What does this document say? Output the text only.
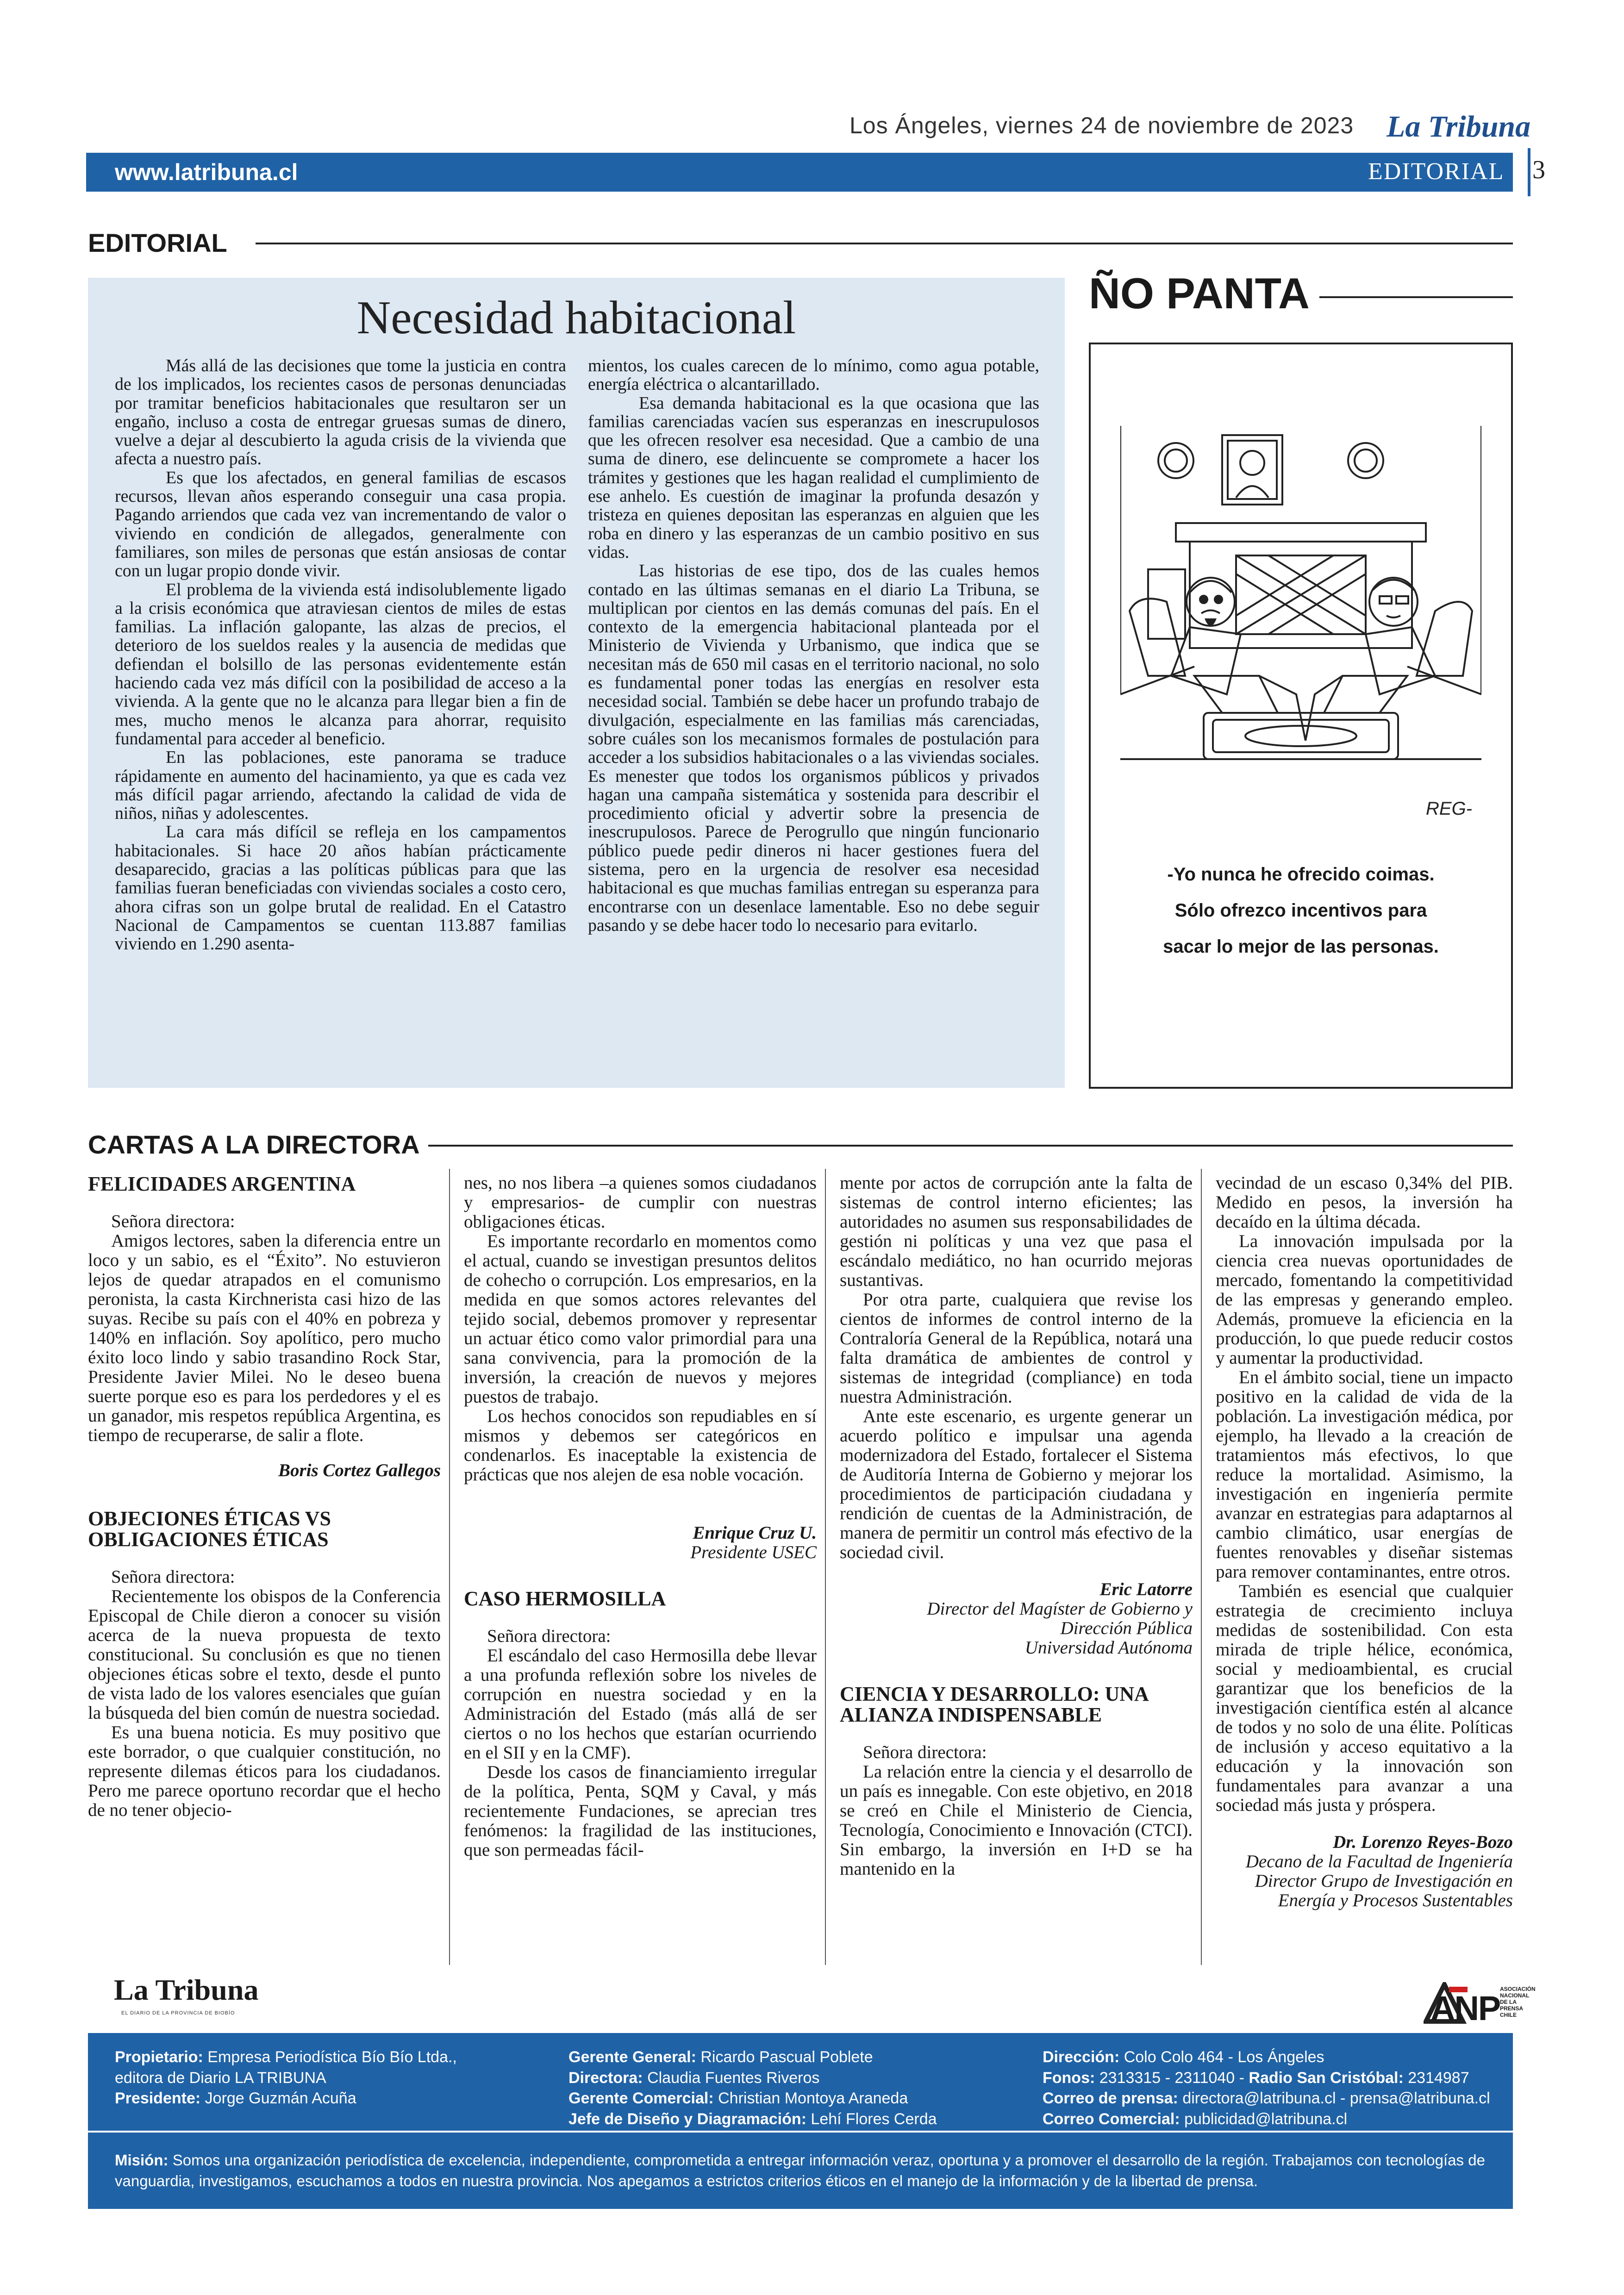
Los Ángeles, viernes 24 de noviembre de 2023 La Tribuna
www.latribuna.cl	EDITORIAL 3
EDITORIAL
Necesidad habitacional

Más allá de las decisiones que tome la justicia en contra de los implicados, los recientes casos de personas denunciadas por tramitar beneficios habitacionales que resultaron ser un engaño, incluso a costa de entregar gruesas sumas de dinero, vuelve a dejar al descubierto la aguda crisis de la vivienda que afecta a nuestro país.

Es que los afectados, en general familias de escasos recursos, llevan años esperando conseguir una casa propia. Pagando arriendos que cada vez van incrementando de valor o viviendo en condición de allegados, generalmente con familiares, son miles de personas que están ansiosas de contar con un lugar propio donde vivir.

El problema de la vivienda está indisolublemente ligado a la crisis económica que atraviesan cientos de miles de estas familias. La inflación galopante, las alzas de precios, el deterioro de los sueldos reales y la ausencia de medidas que defiendan el bolsillo de las personas evidentemente están haciendo cada vez más difícil con la posibilidad de acceso a la vivienda. A la gente que no le alcanza para llegar bien a fin de mes, mucho menos le alcanza para ahorrar, requisito fundamental para acceder al beneficio.

En las poblaciones, este panorama se traduce rápidamente en aumento del hacinamiento, ya que es cada vez más difícil pagar arriendo, afectando la calidad de vida de niños, niñas y adolescentes.

La cara más difícil se refleja en los campamentos habitacionales. Si hace 20 años habían prácticamente desaparecido, gracias a las políticas públicas para que las familias fueran beneficiadas con viviendas sociales a costo cero, ahora cifras son un golpe brutal de realidad. En el Catastro Nacional de Campamentos se cuentan 113.887 familias viviendo en 1.290 asenta-

mientos, los cuales carecen de lo mínimo, como agua potable, energía eléctrica o alcantarillado.

Esa demanda habitacional es la que ocasiona que las familias carenciadas vacíen sus esperanzas en inescrupulosos que les ofrecen resolver esa necesidad. Que a cambio de una suma de dinero, ese delincuente se compromete a hacer los trámites y gestiones que les hagan realidad el cumplimiento de ese anhelo. Es cuestión de imaginar la profunda desazón y tristeza en quienes depositan las esperanzas en alguien que les roba en dinero y las esperanzas de un cambio positivo en sus vidas.

Las historias de ese tipo, dos de las cuales hemos contado en las últimas semanas en el diario La Tribuna, se multiplican por cientos en las demás comunas del país. En el contexto de la emergencia habitacional planteada por el Ministerio de Vivienda y Urbanismo, que indica que se necesitan más de 650 mil casas en el territorio nacional, no solo es fundamental poner todas las energías en resolver esta necesidad social. También se debe hacer un profundo trabajo de divulgación, especialmente en las familias más carenciadas, sobre cuáles son los mecanismos formales de postulación para acceder a los subsidios habitacionales o a las viviendas sociales. Es menester que todos los organismos públicos y privados hagan una campaña sistemática y sostenida para describir el procedimiento oficial y advertir sobre la presencia de inescrupulosos. Parece de Perogrullo que ningún funcionario público puede pedir dineros ni hacer gestiones fuera del sistema, pero en la urgencia de resolver esa necesidad habitacional es que muchas familias entregan su esperanza para encontrarse con un desenlace lamentable. Eso no debe seguir pasando y se debe hacer todo lo necesario para evitarlo.

ÑO PANTA
REG-
-Yo nunca he ofrecido coimas.
Sólo ofrezco incentivos para
sacar lo mejor de las personas.
CARTAS A LA DIRECTORA
FELICIDADES ARGENTINA

Señora directora:

Amigos lectores, saben la diferencia entre un loco y un sabio, es el “Éxito”. No estuvieron lejos de quedar atrapados en el comunismo peronista, la casta Kirchnerista casi hizo de las suyas. Recibe su país con el 40% en pobreza y 140% en inflación. Soy apolítico, pero mucho éxito loco lindo y sabio trasandino Rock Star, Presidente Javier Milei. No le deseo buena suerte porque eso es para los perdedores y el es un ganador, mis respetos república Argentina, es tiempo de recuperarse, de salir a flote.

Boris Cortez Gallegos
OBJECIONES ÉTICAS VS OBLIGACIONES ÉTICAS

Señora directora:

Recientemente los obispos de la Conferencia Episcopal de Chile dieron a conocer su visión acerca de la nueva propuesta de texto constitucional. Su conclusión es que no tienen objeciones éticas sobre el texto, desde el punto de vista lado de los valores esenciales que guían la búsqueda del bien común de nuestra sociedad.

Es una buena noticia. Es muy positivo que este borrador, o que cualquier constitución, no represente dilemas éticos para los ciudadanos. Pero me parece oportuno recordar que el hecho de no tener objecio-

nes, no nos libera –a quienes somos ciudadanos y empresarios- de cumplir con nuestras obligaciones éticas.

Es importante recordarlo en momentos como el actual, cuando se investigan presuntos delitos de cohecho o corrupción. Los empresarios, en la medida en que somos actores relevantes del tejido social, debemos promover y representar un actuar ético como valor primordial para una sana convivencia, para la promoción de la inversión, la creación de nuevos y mejores puestos de trabajo.

Los hechos conocidos son repudiables en sí mismos y debemos ser categóricos en condenarlos. Es inaceptable la existencia de prácticas que nos alejen de esa noble vocación.

Enrique Cruz U.
Presidente USEC
CASO HERMOSILLA

Señora directora:

El escándalo del caso Hermosilla debe llevar a una profunda reflexión sobre los niveles de corrupción en nuestra sociedad y en la Administración del Estado (más allá de ser ciertos o no los hechos que estarían ocurriendo en el SII y en la CMF).

Desde los casos de financiamiento irregular de la política, Penta, SQM y Caval, y más recientemente Fundaciones, se aprecian tres fenómenos: la fragilidad de las instituciones, que son permeadas fácil-

mente por actos de corrupción ante la falta de sistemas de control interno eficientes; las autoridades no asumen sus responsabilidades de gestión ni políticas y una vez que pasa el escándalo mediático, no han ocurrido mejoras sustantivas.

Por otra parte, cualquiera que revise los cientos de informes de control interno de la Contraloría General de la República, notará una falta dramática de ambientes de control y sistemas de integridad (compliance) en toda nuestra Administración.

Ante este escenario, es urgente generar un acuerdo político e impulsar una agenda modernizadora del Estado, fortalecer el Sistema de Auditoría Interna de Gobierno y mejorar los procedimientos de participación ciudadana y rendición de cuentas de la Administración, de manera de permitir un control más efectivo de la sociedad civil.

Eric Latorre
Director del Magíster de Gobierno y
Dirección Pública
Universidad Autónoma
CIENCIA Y DESARROLLO: UNA ALIANZA INDISPENSABLE

Señora directora:

La relación entre la ciencia y el desarrollo de un país es innegable. Con este objetivo, en 2018 se creó en Chile el Ministerio de Ciencia, Tecnología, Conocimiento e Innovación (CTCI). Sin embargo, la inversión en I+D se ha mantenido en la

vecindad de un escaso 0,34% del PIB. Medido en pesos, la inversión ha decaído en la última década.

La innovación impulsada por la ciencia crea nuevas oportunidades de mercado, fomentando la competitividad de las empresas y generando empleo. Además, promueve la eficiencia en la producción, lo que puede reducir costos y aumentar la productividad.

En el ámbito social, tiene un impacto positivo en la calidad de vida de la población. La investigación médica, por ejemplo, ha llevado a la creación de tratamientos más efectivos, lo que reduce la mortalidad. Asimismo, la investigación en ingeniería permite avanzar en estrategias para adaptarnos al cambio climático, usar energías de fuentes renovables y diseñar sistemas para remover contaminantes, entre otros.

También es esencial que cualquier estrategia de crecimiento incluya medidas de sostenibilidad. Con esta mirada de triple hélice, económica, social y medioambiental, es crucial garantizar que los beneficios de la investigación científica estén al alcance de todos y no solo de una élite. Políticas de inclusión y acceso equitativo a la educación y la innovación son fundamentales para avanzar a una sociedad más justa y próspera.

Dr. Lorenzo Reyes-Bozo
Decano de la Facultad de Ingeniería
Director Grupo de Investigación en
Energía y Procesos Sustentables
La Tribuna
EL DIARIO DE LA PROVINCIA DE BIOBÍO	ANP ASOCIACIÓN NACIONAL DE LA PRENSA CHILE
Propietario: Empresa Periodística Bío Bío Ltda.,
editora de Diario LA TRIBUNA
Presidente: Jorge Guzmán Acuña
Gerente General: Ricardo Pascual Poblete
Directora: Claudia Fuentes Riveros
Gerente Comercial: Christian Montoya Araneda
Jefe de Diseño y Diagramación: Lehí Flores Cerda
Dirección: Colo Colo 464 - Los Ángeles
Fonos: 2313315 - 2311040 - Radio San Cristóbal: 2314987
Correo de prensa: directora@latribuna.cl - prensa@latribuna.cl
Correo Comercial: publicidad@latribuna.cl
Misión: Somos una organización periodística de excelencia, independiente, comprometida a entregar información veraz, oportuna y a promover el desarrollo de la región. Trabajamos con tecnologías de vanguardia, investigamos, escuchamos a todos en nuestra provincia. Nos apegamos a estrictos criterios éticos en el manejo de la información y de la libertad de prensa.
